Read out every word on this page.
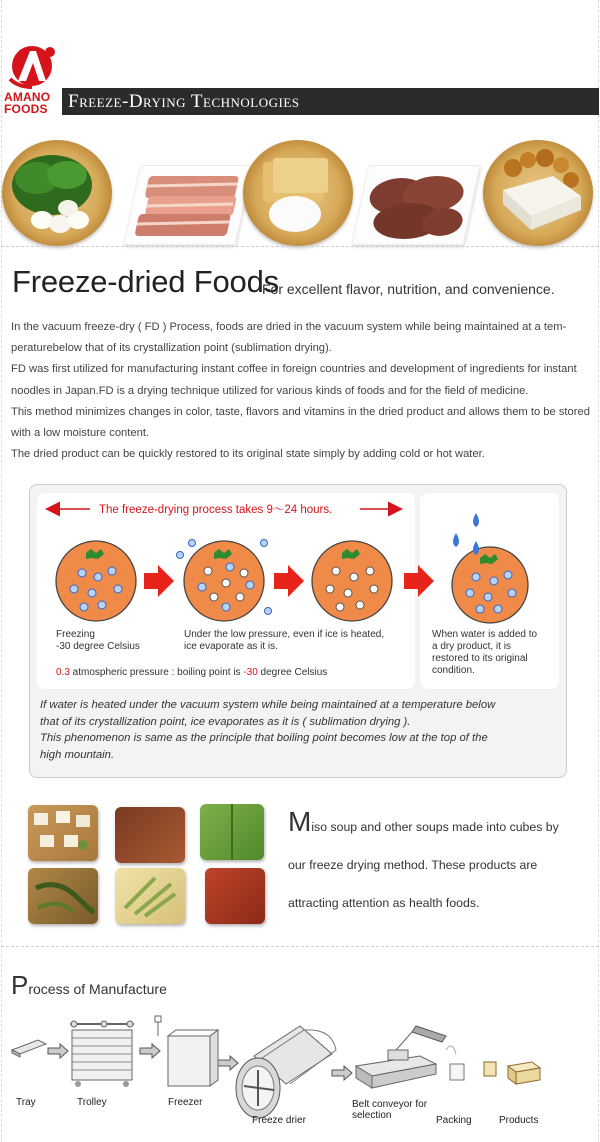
AMANO
FOODS	Freeze-Drying Technologies
Freeze-dried Foods
For excellent flavor, nutrition, and convenience.

In the vacuum freeze-dry ( FD ) Process, foods are dried in the vacuum system while being maintained at a tem-peraturebelow that of its crystallization point (sublimation drying).

FD was first utilized for manufacturing instant coffee in foreign countries and development of ingredients for instant noodles in Japan.FD is a drying technique utilized for various kinds of foods and for the field of medicine.

This method minimizes changes in color, taste, flavors and vitamins in the dried product and allows them to be stored with a low moisture content.

The dried product can be quickly restored to its original state simply by adding cold or hot water.

The freeze-drying process takes 9～24 hours.
Freezing
-30 degree Celsius
Under the low pressure, even if ice is heated,
ice evaporate as it is.
0.3 atmospheric pressure : boiling point is -30 degree Celsius
When water is added to
a dry product, it is
restored to its original
condition.
If water is heated under the vacuum system while being maintained at a temperature below
that of its crystallization point, ice evaporates as it is ( sublimation drying ).
This phenomenon is same as the principle that boiling point becomes low at the top of the
high mountain.
Miso soup and other soups made into cubes by
our freeze drying method. These products are
attracting attention as health foods.
Process of Manufacture
Tray	Trolley	Freezer
Freeze drier
Belt conveyor for
selection	Packing	Products
